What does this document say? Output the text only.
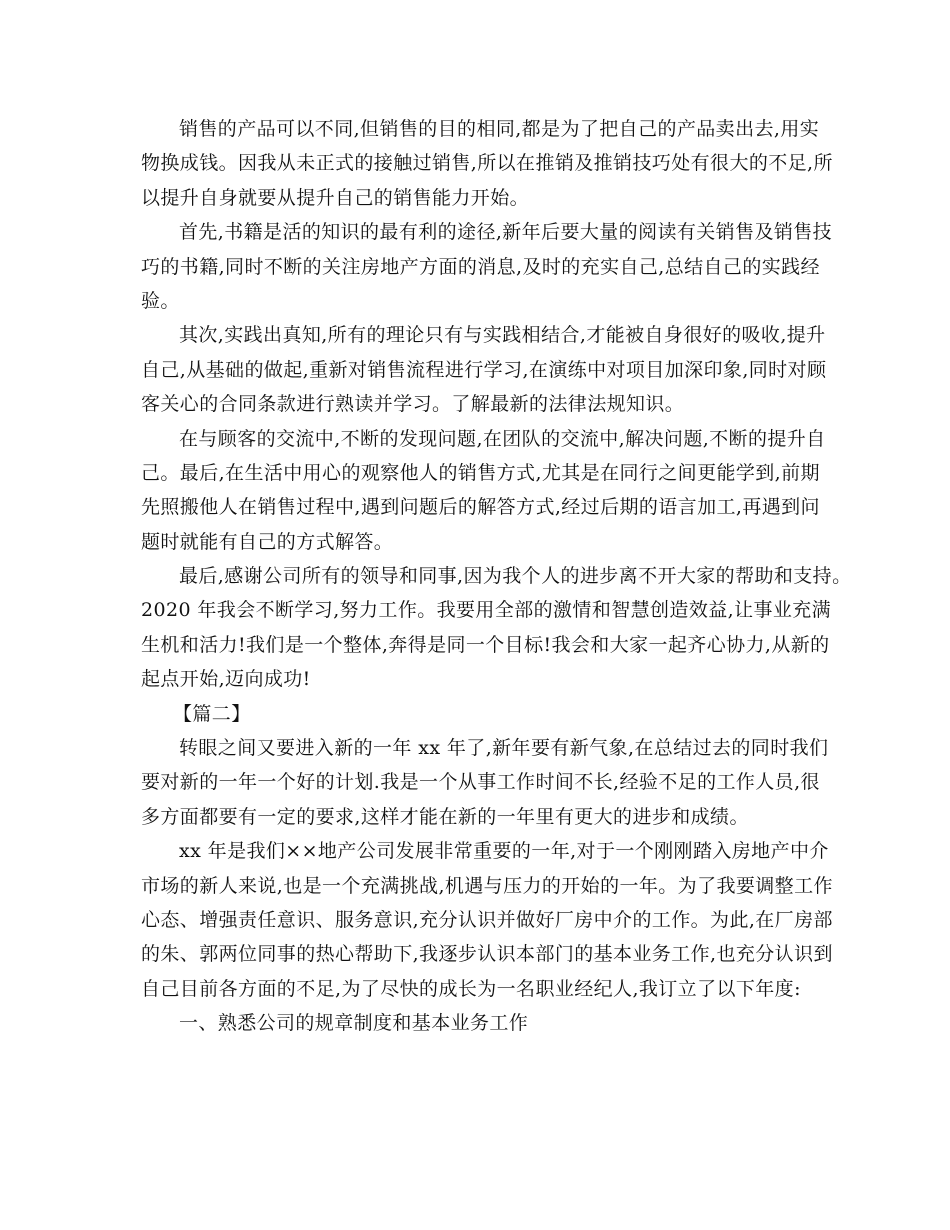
销售的产品可以不同,但销售的目的相同,都是为了把自己的产品卖出去,用实
物换成钱。因我从未正式的接触过销售,所以在推销及推销技巧处有很大的不足,所
以提升自身就要从提升自己的销售能力开始。
首先,书籍是活的知识的最有利的途径,新年后要大量的阅读有关销售及销售技
巧的书籍,同时不断的关注房地产方面的消息,及时的充实自己,总结自己的实践经
验。
其次,实践出真知,所有的理论只有与实践相结合,才能被自身很好的吸收,提升
自己,从基础的做起,重新对销售流程进行学习,在演练中对项目加深印象,同时对顾
客关心的合同条款进行熟读并学习。了解最新的法律法规知识。
在与顾客的交流中,不断的发现问题,在团队的交流中,解决问题,不断的提升自
己。最后,在生活中用心的观察他人的销售方式,尤其是在同行之间更能学到,前期
先照搬他人在销售过程中,遇到问题后的解答方式,经过后期的语言加工,再遇到问
题时就能有自己的方式解答。
最后,感谢公司所有的领导和同事,因为我个人的进步离不开大家的帮助和支持。
2020 年我会不断学习,努力工作。我要用全部的激情和智慧创造效益,让事业充满
生机和活力!我们是一个整体,奔得是同一个目标!我会和大家一起齐心协力,从新的
起点开始,迈向成功!
【篇二】
转眼之间又要进入新的一年 xx 年了,新年要有新气象,在总结过去的同时我们
要对新的一年一个好的计划.我是一个从事工作时间不长,经验不足的工作人员,很
多方面都要有一定的要求,这样才能在新的一年里有更大的进步和成绩。
xx 年是我们××地产公司发展非常重要的一年,对于一个刚刚踏入房地产中介
市场的新人来说,也是一个充满挑战,机遇与压力的开始的一年。为了我要调整工作
心态、增强责任意识、服务意识,充分认识并做好厂房中介的工作。为此,在厂房部
的朱、郭两位同事的热心帮助下,我逐步认识本部门的基本业务工作,也充分认识到
自己目前各方面的不足,为了尽快的成长为一名职业经纪人,我订立了以下年度:
一、熟悉公司的规章制度和基本业务工作
